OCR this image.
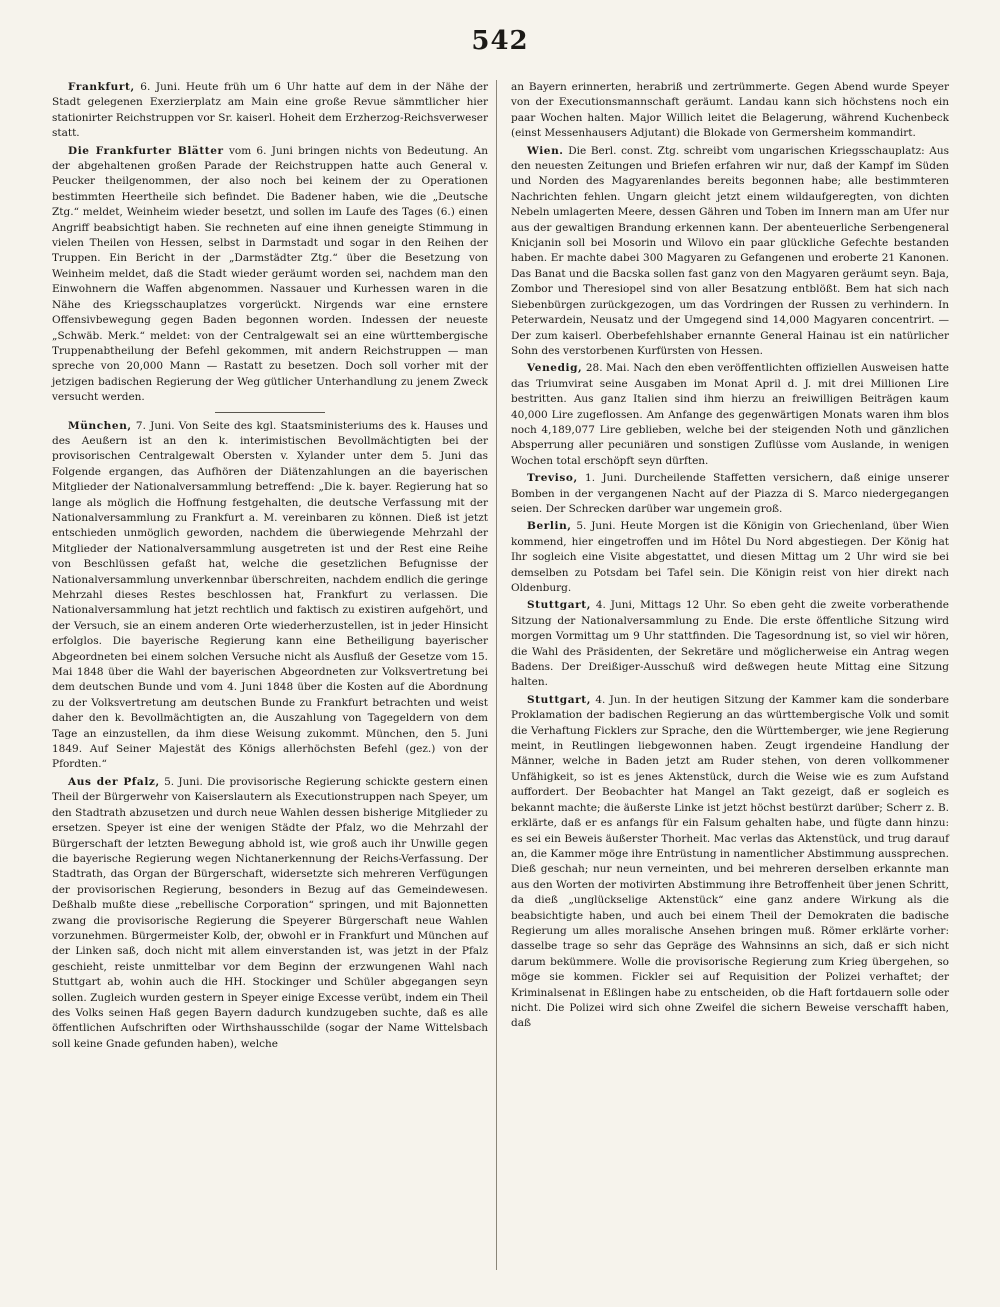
542

Frankfurt, 6. Juni. Heute früh um 6 Uhr hatte auf dem in der Nähe der Stadt gelegenen Exerzierplatz am Main eine große Revue sämmtlicher hier stationirter Reichstruppen vor Sr. kaiserl. Hoheit dem Erzherzog-Reichsverweser statt.

Die Frankfurter Blätter vom 6. Juni bringen nichts von Bedeutung. An der abgehaltenen großen Parade der Reichstruppen hatte auch General v. Peucker theilgenommen, der also noch bei keinem der zu Operationen bestimmten Heertheile sich befindet. Die Badener haben, wie die „Deutsche Ztg.“ meldet, Weinheim wieder besetzt, und sollen im Laufe des Tages (6.) einen Angriff beabsichtigt haben. Sie rechneten auf eine ihnen geneigte Stimmung in vielen Theilen von Hessen, selbst in Darmstadt und sogar in den Reihen der Truppen. Ein Bericht in der „Darmstädter Ztg.“ über die Besetzung von Weinheim meldet, daß die Stadt wieder geräumt worden sei, nachdem man den Einwohnern die Waffen abgenommen. Nassauer und Kurhessen waren in die Nähe des Kriegsschauplatzes vorgerückt. Nirgends war eine ernstere Offensivbewegung gegen Baden begonnen worden. Indessen der neueste „Schwäb. Merk.“ meldet: von der Centralgewalt sei an eine württembergische Truppenabtheilung der Befehl gekommen, mit andern Reichstruppen — man spreche von 20,000 Mann — Rastatt zu besetzen. Doch soll vorher mit der jetzigen badischen Regierung der Weg gütlicher Unterhandlung zu jenem Zweck versucht werden.

München, 7. Juni. Von Seite des kgl. Staatsministeriums des k. Hauses und des Aeußern ist an den k. interimistischen Bevollmächtigten bei der provisorischen Centralgewalt Obersten v. Xylander unter dem 5. Juni das Folgende ergangen, das Aufhören der Diätenzahlungen an die bayerischen Mitglieder der Nationalversammlung betreffend: „Die k. bayer. Regierung hat so lange als möglich die Hoffnung festgehalten, die deutsche Verfassung mit der Nationalversammlung zu Frankfurt a. M. vereinbaren zu können. Dieß ist jetzt entschieden unmöglich geworden, nachdem die überwiegende Mehrzahl der Mitglieder der Nationalversammlung ausgetreten ist und der Rest eine Reihe von Beschlüssen gefaßt hat, welche die gesetzlichen Befugnisse der Nationalversammlung unverkennbar überschreiten, nachdem endlich die geringe Mehrzahl dieses Restes beschlossen hat, Frankfurt zu verlassen. Die Nationalversammlung hat jetzt rechtlich und faktisch zu existiren aufgehört, und der Versuch, sie an einem anderen Orte wiederherzustellen, ist in jeder Hinsicht erfolglos. Die bayerische Regierung kann eine Betheiligung bayerischer Abgeordneten bei einem solchen Versuche nicht als Ausfluß der Gesetze vom 15. Mai 1848 über die Wahl der bayerischen Abgeordneten zur Volksvertretung bei dem deutschen Bunde und vom 4. Juni 1848 über die Kosten auf die Abordnung zu der Volksvertretung am deutschen Bunde zu Frankfurt betrachten und weist daher den k. Bevollmächtigten an, die Auszahlung von Tagegeldern von dem Tage an einzustellen, da ihm diese Weisung zukommt. München, den 5. Juni 1849. Auf Seiner Majestät des Königs allerhöchsten Befehl (gez.) von der Pfordten.“

Aus der Pfalz, 5. Juni. Die provisorische Regierung schickte gestern einen Theil der Bürgerwehr von Kaiserslautern als Executionstruppen nach Speyer, um den Stadtrath abzusetzen und durch neue Wahlen dessen bisherige Mitglieder zu ersetzen. Speyer ist eine der wenigen Städte der Pfalz, wo die Mehrzahl der Bürgerschaft der letzten Bewegung abhold ist, wie groß auch ihr Unwille gegen die bayerische Regierung wegen Nichtanerkennung der Reichs-Verfassung. Der Stadtrath, das Organ der Bürgerschaft, widersetzte sich mehreren Verfügungen der provisorischen Regierung, besonders in Bezug auf das Gemeindewesen. Deßhalb mußte diese „rebellische Corporation“ springen, und mit Bajonnetten zwang die provisorische Regierung die Speyerer Bürgerschaft neue Wahlen vorzunehmen. Bürgermeister Kolb, der, obwohl er in Frankfurt und München auf der Linken saß, doch nicht mit allem einverstanden ist, was jetzt in der Pfalz geschieht, reiste unmittelbar vor dem Beginn der erzwungenen Wahl nach Stuttgart ab, wohin auch die HH. Stockinger und Schüler abgegangen seyn sollen. Zugleich wurden gestern in Speyer einige Excesse verübt, indem ein Theil des Volks seinen Haß gegen Bayern dadurch kundzugeben suchte, daß es alle öffentlichen Aufschriften oder Wirthshausschilde (sogar der Name Wittelsbach soll keine Gnade gefunden haben), welche

an Bayern erinnerten, herabriß und zertrümmerte. Gegen Abend wurde Speyer von der Executionsmannschaft geräumt. Landau kann sich höchstens noch ein paar Wochen halten. Major Willich leitet die Belagerung, während Kuchenbeck (einst Messenhausers Adjutant) die Blokade von Germersheim kommandirt.

Wien. Die Berl. const. Ztg. schreibt vom ungarischen Kriegsschauplatz: Aus den neuesten Zeitungen und Briefen erfahren wir nur, daß der Kampf im Süden und Norden des Magyarenlandes bereits begonnen habe; alle bestimmteren Nachrichten fehlen. Ungarn gleicht jetzt einem wildaufgeregten, von dichten Nebeln umlagerten Meere, dessen Gähren und Toben im Innern man am Ufer nur aus der gewaltigen Brandung erkennen kann. Der abenteuerliche Serbengeneral Knicjanin soll bei Mosorin und Wilovo ein paar glückliche Gefechte bestanden haben. Er machte dabei 300 Magyaren zu Gefangenen und eroberte 21 Kanonen. Das Banat und die Bacska sollen fast ganz von den Magyaren geräumt seyn. Baja, Zombor und Theresiopel sind von aller Besatzung entblößt. Bem hat sich nach Siebenbürgen zurückgezogen, um das Vordringen der Russen zu verhindern. In Peterwardein, Neusatz und der Umgegend sind 14,000 Magyaren concentrirt. — Der zum kaiserl. Oberbefehlshaber ernannte General Hainau ist ein natürlicher Sohn des verstorbenen Kurfürsten von Hessen.

Venedig, 28. Mai. Nach den eben veröffentlichten offiziellen Ausweisen hatte das Triumvirat seine Ausgaben im Monat April d. J. mit drei Millionen Lire bestritten. Aus ganz Italien sind ihm hierzu an freiwilligen Beiträgen kaum 40,000 Lire zugeflossen. Am Anfange des gegenwärtigen Monats waren ihm blos noch 4,189,077 Lire geblieben, welche bei der steigenden Noth und gänzlichen Absperrung aller pecuniären und sonstigen Zuflüsse vom Auslande, in wenigen Wochen total erschöpft seyn dürften.

Treviso, 1. Juni. Durcheilende Staffetten versichern, daß einige unserer Bomben in der vergangenen Nacht auf der Piazza di S. Marco niedergegangen seien. Der Schrecken darüber war ungemein groß.

Berlin, 5. Juni. Heute Morgen ist die Königin von Griechenland, über Wien kommend, hier eingetroffen und im Hôtel Du Nord abgestiegen. Der König hat Ihr sogleich eine Visite abgestattet, und diesen Mittag um 2 Uhr wird sie bei demselben zu Potsdam bei Tafel sein. Die Königin reist von hier direkt nach Oldenburg.

Stuttgart, 4. Juni, Mittags 12 Uhr. So eben geht die zweite vorberathende Sitzung der Nationalversammlung zu Ende. Die erste öffentliche Sitzung wird morgen Vormittag um 9 Uhr stattfinden. Die Tagesordnung ist, so viel wir hören, die Wahl des Präsidenten, der Sekretäre und möglicherweise ein Antrag wegen Badens. Der Dreißiger-Ausschuß wird deßwegen heute Mittag eine Sitzung halten.

Stuttgart, 4. Jun. In der heutigen Sitzung der Kammer kam die sonderbare Proklamation der badischen Regierung an das württembergische Volk und somit die Verhaftung Ficklers zur Sprache, den die Württemberger, wie jene Regierung meint, in Reutlingen liebgewonnen haben. Zeugt irgendeine Handlung der Männer, welche in Baden jetzt am Ruder stehen, von deren vollkommener Unfähigkeit, so ist es jenes Aktenstück, durch die Weise wie es zum Aufstand auffordert. Der Beobachter hat Mangel an Takt gezeigt, daß er sogleich es bekannt machte; die äußerste Linke ist jetzt höchst bestürzt darüber; Scherr z. B. erklärte, daß er es anfangs für ein Falsum gehalten habe, und fügte dann hinzu: es sei ein Beweis äußerster Thorheit. Mac verlas das Aktenstück, und trug darauf an, die Kammer möge ihre Entrüstung in namentlicher Abstimmung aussprechen. Dieß geschah; nur neun verneinten, und bei mehreren derselben erkannte man aus den Worten der motivirten Abstimmung ihre Betroffenheit über jenen Schritt, da dieß „unglückselige Aktenstück“ eine ganz andere Wirkung als die beabsichtigte haben, und auch bei einem Theil der Demokraten die badische Regierung um alles moralische Ansehen bringen muß. Römer erklärte vorher: dasselbe trage so sehr das Gepräge des Wahnsinns an sich, daß er sich nicht darum bekümmere. Wolle die provisorische Regierung zum Krieg übergehen, so möge sie kommen. Fickler sei auf Requisition der Polizei verhaftet; der Kriminalsenat in Eßlingen habe zu entscheiden, ob die Haft fortdauern solle oder nicht. Die Polizei wird sich ohne Zweifel die sichern Beweise verschafft haben, daß
